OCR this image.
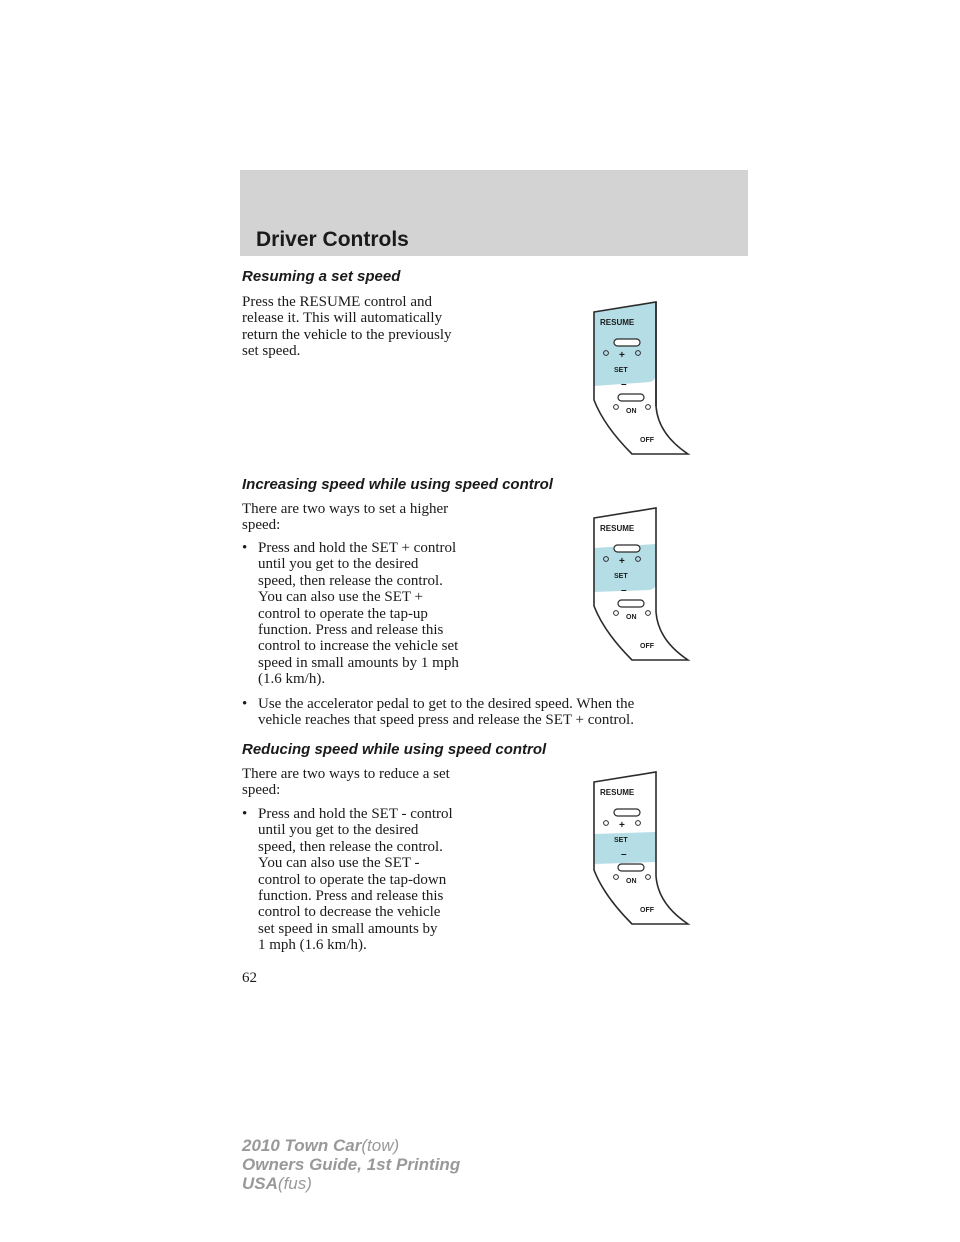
Driver Controls
Resuming a set speed
Press the RESUME control and
release it. This will automatically
return the vehicle to the previously
set speed.
RESUME
+
SET
–
ON
OFF
Increasing speed while using speed control
There are two ways to set a higher
speed:
• Press and hold the SET + control
until you get to the desired
speed, then release the control.
You can also use the SET +
control to operate the tap-up
function. Press and release this
control to increase the vehicle set
speed in small amounts by 1 mph
(1.6 km/h).
• Use the accelerator pedal to get to the desired speed. When the
vehicle reaches that speed press and release the SET + control.
RESUME
+
SET
–
ON
OFF
Reducing speed while using speed control
There are two ways to reduce a set
speed:
• Press and hold the SET - control
until you get to the desired
speed, then release the control.
You can also use the SET -
control to operate the tap-down
function. Press and release this
control to decrease the vehicle
set speed in small amounts by
1 mph (1.6 km/h).
RESUME
+
SET
–
ON
OFF

62

2010 Town Car(tow)
Owners Guide, 1st Printing
USA(fus)
